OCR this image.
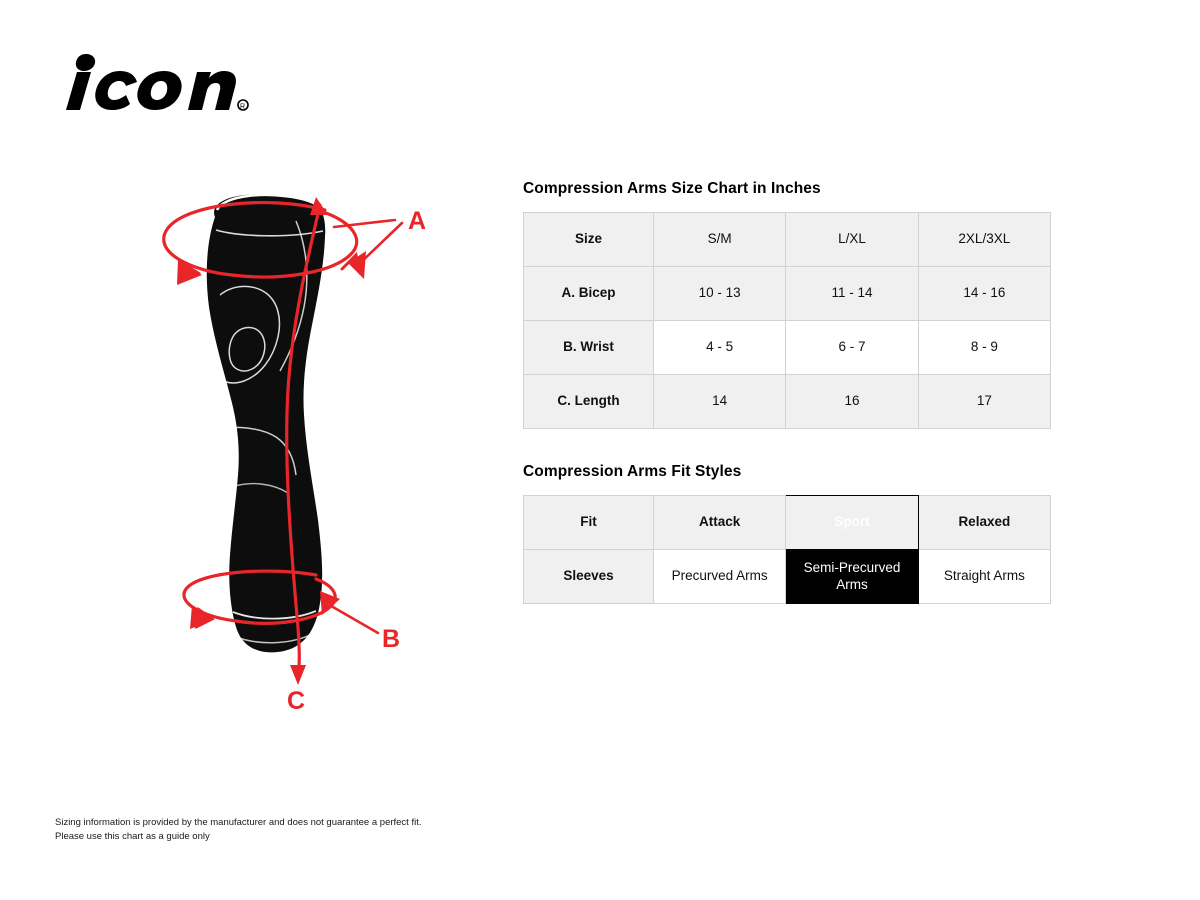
R
A
B
C
Compression Arms Size Chart in Inches
Size	S/M	L/XL	2XL/3XL
A. Bicep	10 - 13	11 - 14	14 - 16
B. Wrist	4 - 5	6 - 7	8 - 9
C. Length	14	16	17
Compression Arms Fit Styles
Fit	Attack	Sport	Relaxed
Sleeves	Precurved Arms	Semi-Precurved Arms	Straight Arms
Sizing information is provided by the manufacturer and does not guarantee a perfect fit.
Please use this chart as a guide only
